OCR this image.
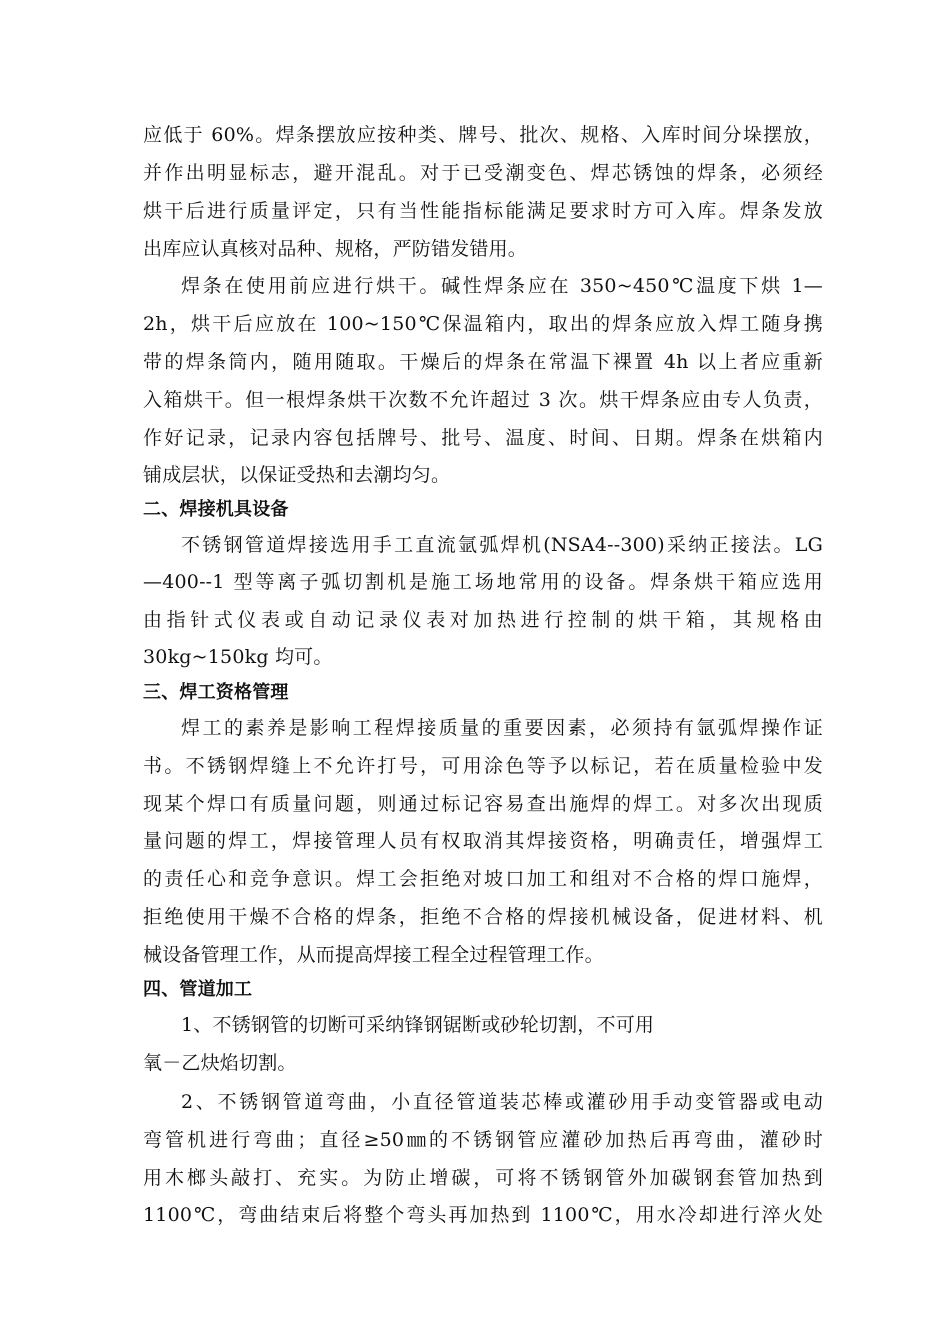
应低于 60%。焊条摆放应按种类、牌号、批次、规格、入库时间分垛摆放，
并作出明显标志，避开混乱。对于已受潮变色、焊芯锈蚀的焊条，必须经
烘干后进行质量评定，只有当性能指标能满足要求时方可入库。焊条发放
出库应认真核对品种、规格，严防错发错用。
焊条在使用前应进行烘干。碱性焊条应在 350~450℃温度下烘 1—
2h，烘干后应放在 100~150℃保温箱内，取出的焊条应放入焊工随身携
带的焊条筒内，随用随取。干燥后的焊条在常温下裸置 4h 以上者应重新
入箱烘干。但一根焊条烘干次数不允许超过 3 次。烘干焊条应由专人负责，
作好记录，记录内容包括牌号、批号、温度、时间、日期。焊条在烘箱内
铺成层状，以保证受热和去潮均匀。
二、焊接机具设备
不锈钢管道焊接选用手工直流氩弧焊机(NSA4--300)采纳正接法。LG
—400--1 型等离子弧切割机是施工场地常用的设备。焊条烘干箱应选用
由指针式仪表或自动记录仪表对加热进行控制的烘干箱，其规格由
30kg~150kg 均可。
三、焊工资格管理
焊工的素养是影响工程焊接质量的重要因素，必须持有氩弧焊操作证
书。不锈钢焊缝上不允许打号，可用涂色等予以标记，若在质量检验中发
现某个焊口有质量问题，则通过标记容易查出施焊的焊工。对多次出现质
量问题的焊工，焊接管理人员有权取消其焊接资格，明确责任，增强焊工
的责任心和竞争意识。焊工会拒绝对坡口加工和组对不合格的焊口施焊，
拒绝使用干燥不合格的焊条，拒绝不合格的焊接机械设备，促进材料、机
械设备管理工作，从而提高焊接工程全过程管理工作。
四、管道加工
1、不锈钢管的切断可采纳锋钢锯断或砂轮切割，不可用
氧－乙炔焰切割。
2、不锈钢管道弯曲，小直径管道装芯棒或灌砂用手动变管器或电动
弯管机进行弯曲；直径≥50㎜的不锈钢管应灌砂加热后再弯曲，灌砂时
用木榔头敲打、充实。为防止增碳，可将不锈钢管外加碳钢套管加热到
1100℃，弯曲结束后将整个弯头再加热到 1100℃，用水冷却进行淬火处
